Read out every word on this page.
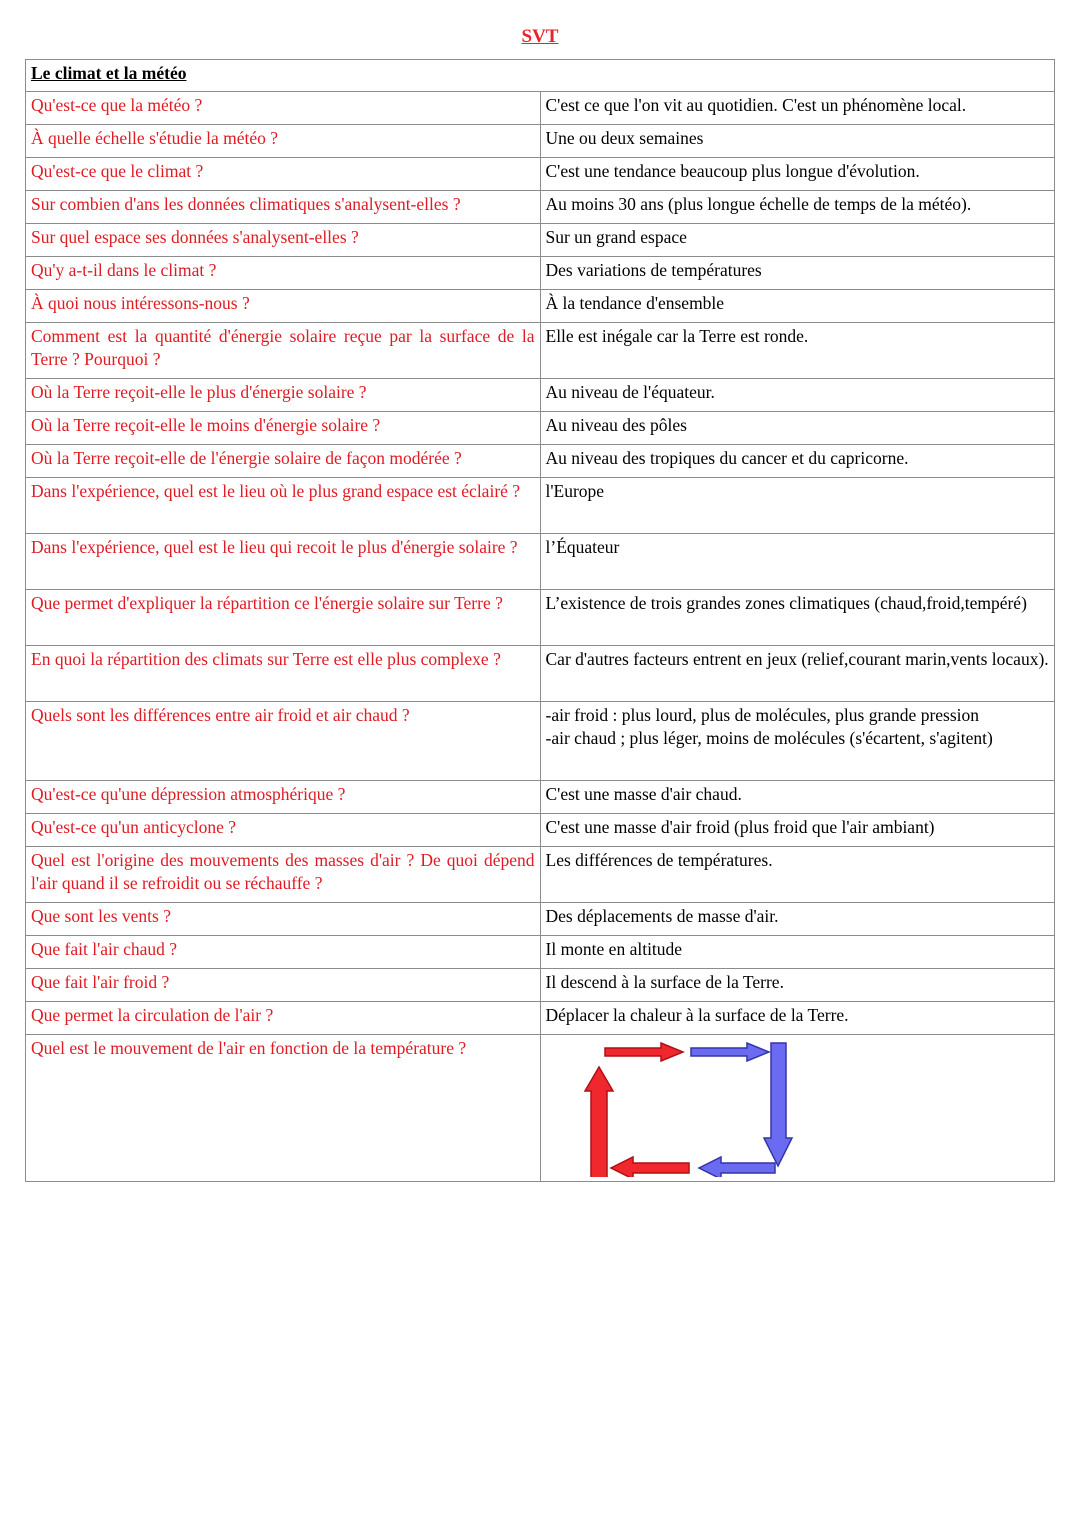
SVT
Le climat et la météo	
Qu'est-ce que la météo ?	C'est ce que l'on vit au quotidien. C'est un phénomène local.
À quelle échelle s'étudie la météo ?	Une ou deux semaines
Qu'est-ce que le climat ?	C'est une tendance beaucoup plus longue d'évolution.
Sur combien d'ans les données climatiques s'analysent-elles ?	Au moins 30 ans (plus longue échelle de temps de la météo).
Sur quel espace ses données s'analysent-elles ?	Sur un grand espace
Qu'y a-t-il dans le climat ?	Des variations de températures
À quoi nous intéressons-nous ?	À la tendance d'ensemble
Comment est la quantité d'énergie solaire reçue par la surface de la Terre ? Pourquoi ?	Elle est inégale car la Terre est ronde.
Où la Terre reçoit-elle le plus d'énergie solaire ?	Au niveau de l'équateur.
Où la Terre reçoit-elle le moins d'énergie solaire ?	Au niveau des pôles
Où la Terre reçoit-elle de l'énergie solaire de façon modérée ?	Au niveau des tropiques du cancer et du capricorne.
Dans l'expérience, quel est le lieu où le plus grand espace est éclairé ?	l'Europe
Dans l'expérience, quel est le lieu qui recoit le plus d'énergie solaire ?	l’Équateur
Que permet d'expliquer la répartition ce l'énergie solaire sur Terre ?	L’existence de trois grandes zones climatiques (chaud,froid,tempéré)
En quoi la répartition des climats sur Terre est elle plus complexe ?	Car d'autres facteurs entrent en jeux (relief,courant marin,vents locaux).
Quels sont les différences entre air froid et air chaud ?	-air froid : plus lourd, plus de molécules, plus grande pression
-air chaud ; plus léger, moins de molécules (s'écartent, s'agitent)

Qu'est-ce qu'une dépression atmosphérique ?	C'est une masse d'air chaud.
Qu'est-ce qu'un anticyclone ?	C'est une masse d'air froid (plus froid que l'air ambiant)
Quel est l'origine des mouvements des masses d'air ? De quoi dépend l'air quand il se refroidit ou se réchauffe ?	Les différences de températures.
Que sont les vents ?	Des déplacements de masse d'air.
Que fait l'air chaud ?	Il monte en altitude
Que fait l'air froid ?	Il descend à la surface de la Terre.
Que permet la circulation de l'air ?	Déplacer la chaleur à la surface de la Terre.
Quel est le mouvement de l'air en fonction de la température ?	
